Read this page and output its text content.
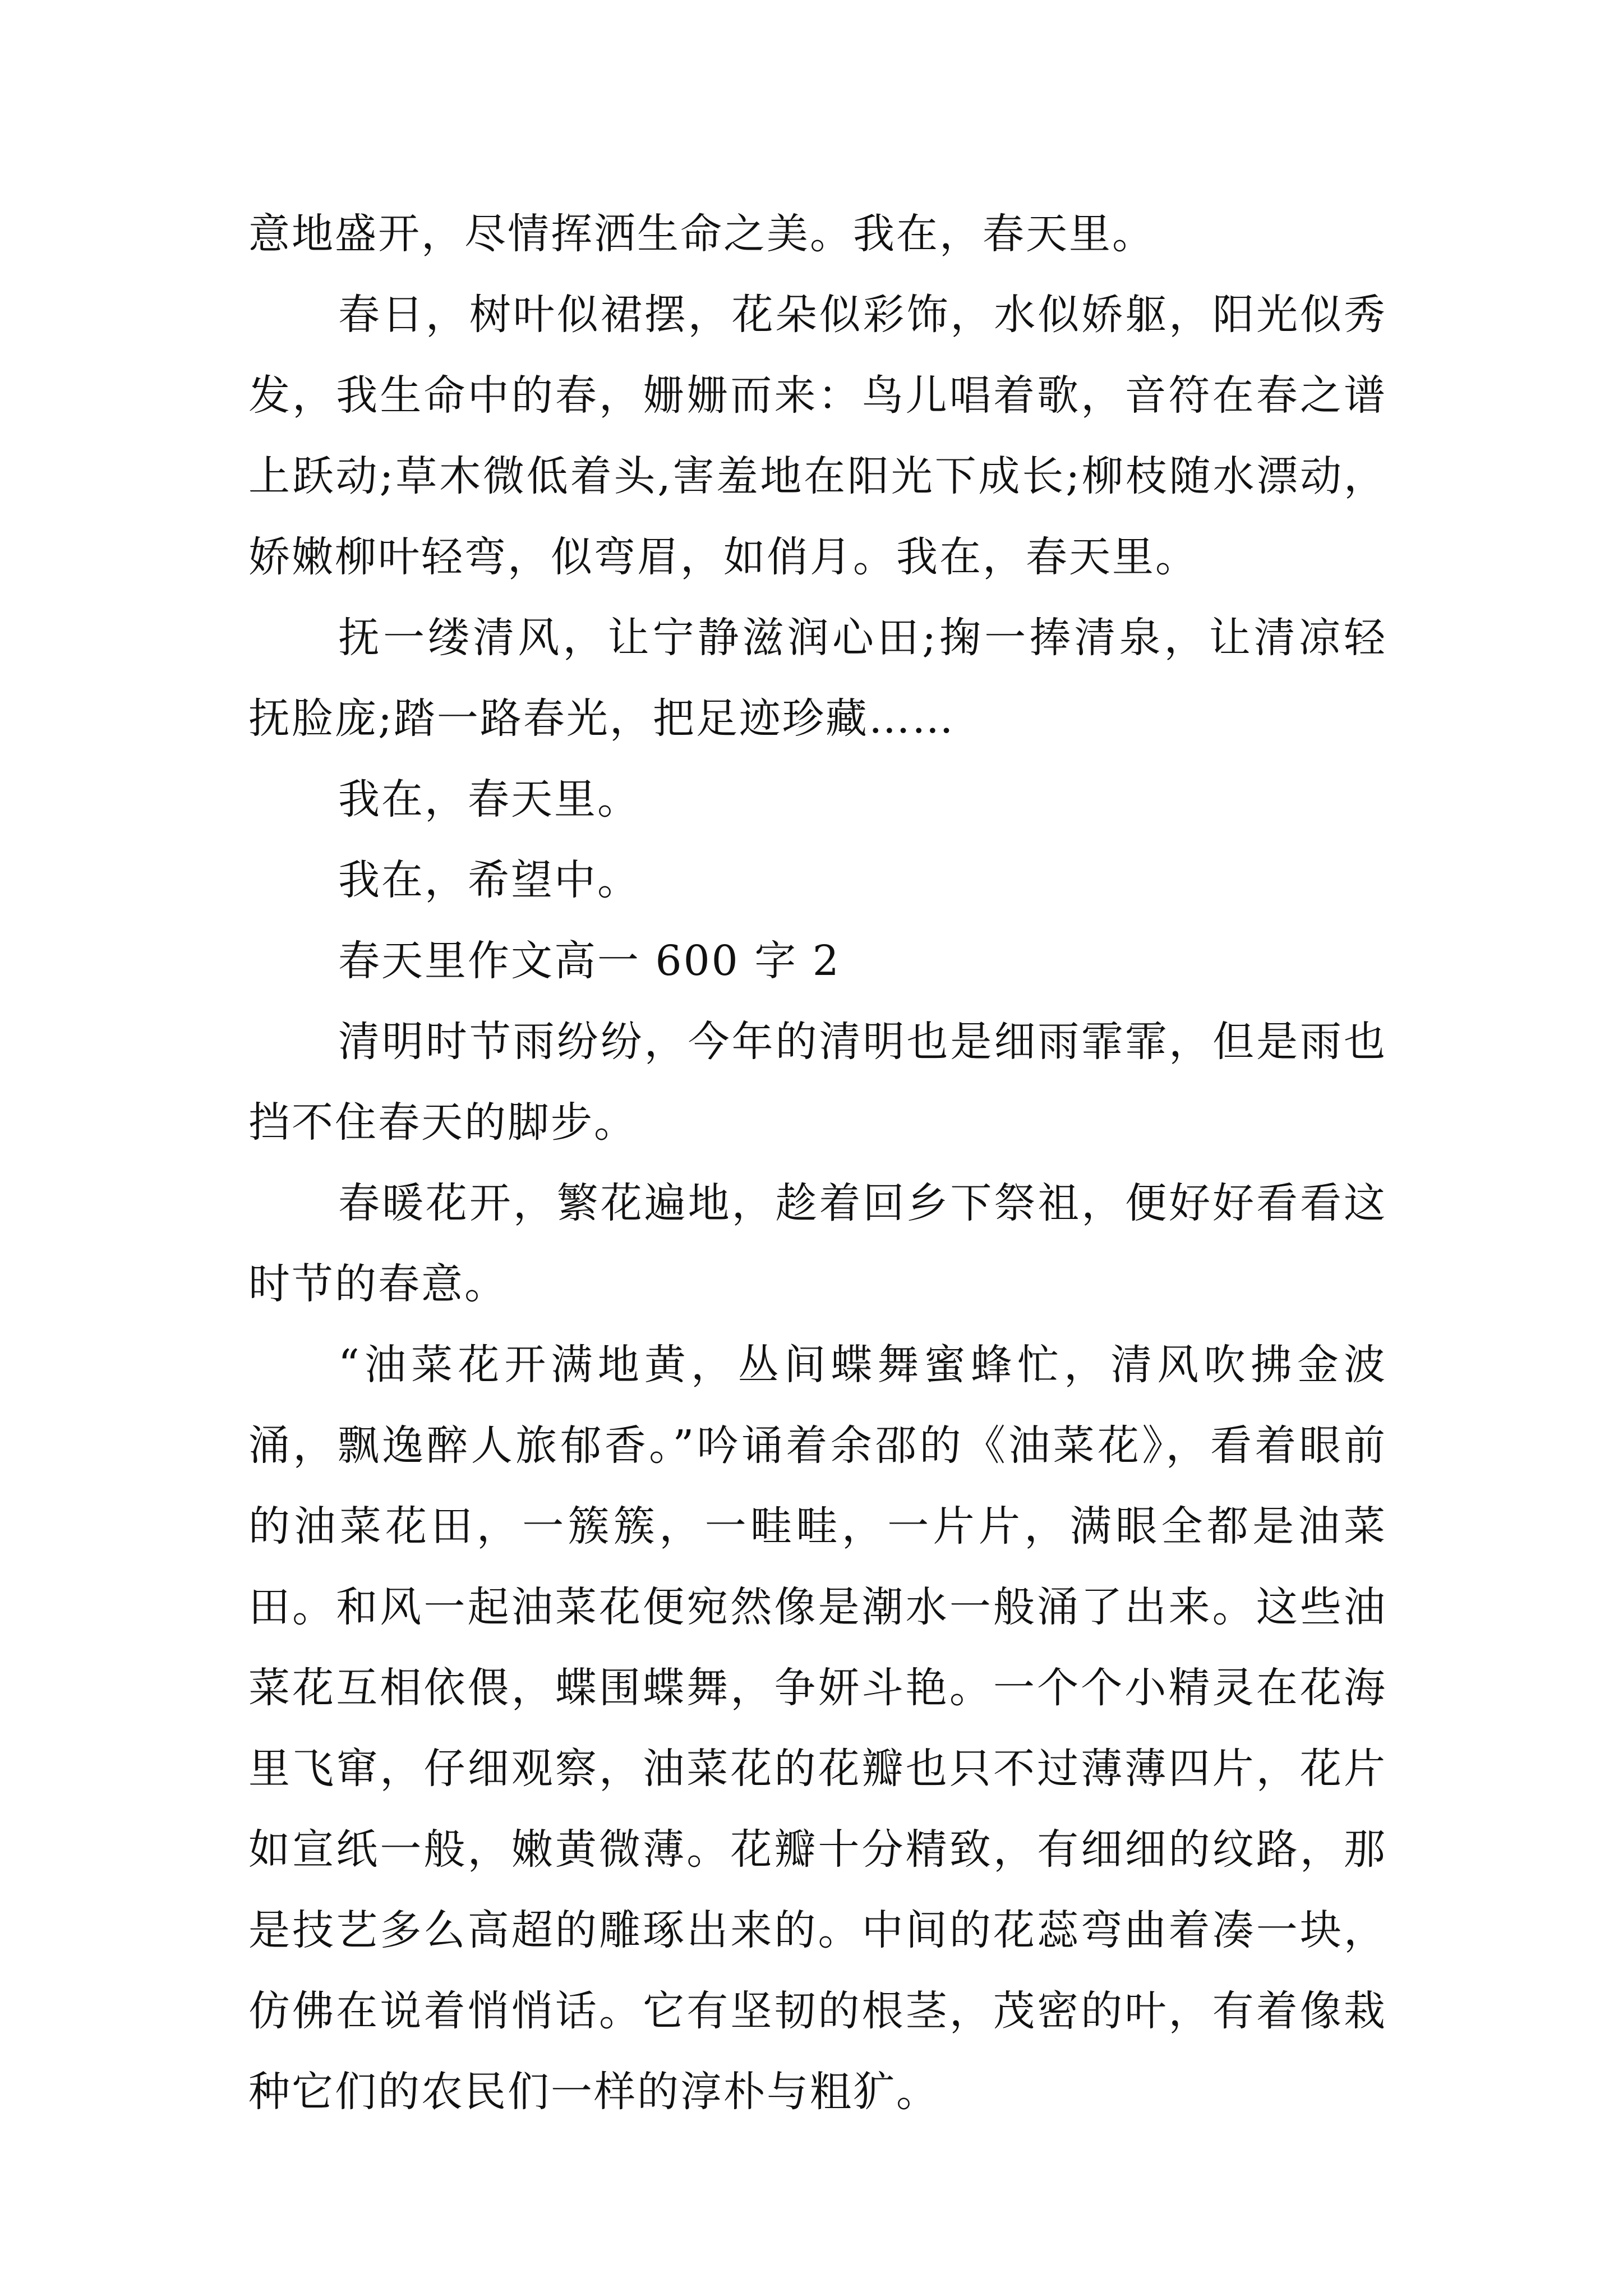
意地盛开，尽情挥洒生命之美。我在，春天里。

春日，树叶似裙摆，花朵似彩饰，水似娇躯，阳光似秀发，我生命中的春，姗姗而来：鸟儿唱着歌，音符在春之谱上跃动;草木微低着头,害羞地在阳光下成长;柳枝随水漂动，娇嫩柳叶轻弯，似弯眉，如俏月。我在，春天里。

抚一缕清风，让宁静滋润心田;掬一捧清泉，让清凉轻抚脸庞;踏一路春光，把足迹珍藏……

我在，春天里。

我在，希望中。

春天里作文高一 600 字 2

清明时节雨纷纷，今年的清明也是细雨霏霏，但是雨也挡不住春天的脚步。

春暖花开，繁花遍地，趁着回乡下祭祖，便好好看看这时节的春意。

“油菜花开满地黄，丛间蝶舞蜜蜂忙，清风吹拂金波涌，飘逸醉人旅郁香。”吟诵着余邵的《油菜花》，看着眼前的油菜花田，一簇簇，一畦畦，一片片，满眼全都是油菜田。和风一起油菜花便宛然像是潮水一般涌了出来。这些油菜花互相依偎，蝶围蝶舞，争妍斗艳。一个个小精灵在花海里飞窜，仔细观察，油菜花的花瓣也只不过薄薄四片，花片如宣纸一般，嫩黄微薄。花瓣十分精致，有细细的纹路，那是技艺多么高超的雕琢出来的。中间的花蕊弯曲着凑一块，仿佛在说着悄悄话。它有坚韧的根茎，茂密的叶，有着像栽种它们的农民们一样的淳朴与粗犷。
